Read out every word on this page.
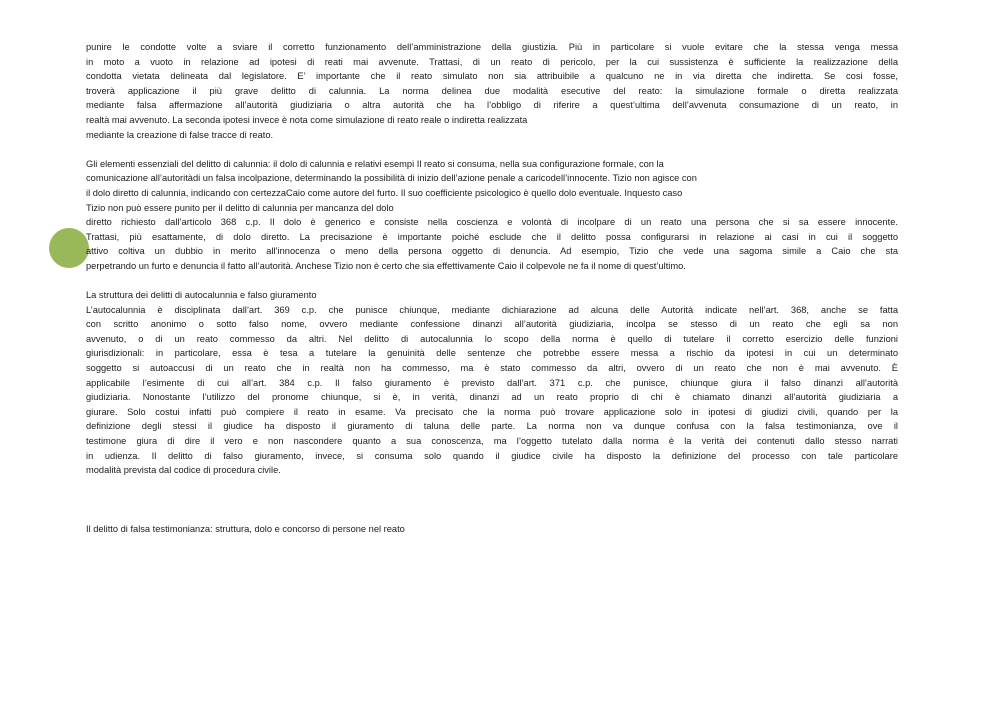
punire le condotte volte a sviare il corretto funzionamento dell’amministrazione della giustizia. Più in particolare si vuole evitare che la stessa venga messa
in moto a vuoto in relazione ad ipotesi di reati mai avvenute. Trattasi, di un reato di pericolo, per la cui sussistenza è sufficiente la realizzazione della
condotta vietata delineata dal legislatore. E’ importante che il reato simulato non sia attribuibile a qualcuno ne in via diretta che indiretta. Se cosi fosse,
troverà applicazione il più grave delitto di calunnia. La norma delinea due modalità esecutive del reato: la simulazione formale o diretta realizzata
mediante falsa affermazione all’autorità giudiziaria o altra autorità che ha l’obbligo di riferire a quest’ultima dell’avvenuta consumazione di un reato, in
realtà mai avvenuto. La seconda ipotesi invece è nota come simulazione di reato reale o indiretta realizzata
mediante la creazione di false tracce di reato.

Gli elementi essenziali del delitto di calunnia: il dolo di calunnia e relativi esempi Il reato si consuma, nella sua configurazione formale, con la
comunicazione all’autoritàdi un falsa incolpazione, determinando la possibilità di inizio dell’azione penale a caricodell’innocente. Tizio non agisce con
il dolo diretto di calunnia, indicando con certezzaCaio come autore del furto. Il suo coefficiente psicologico è quello dolo eventuale. Inquesto caso
Tizio non può essere punito per il delitto di calunnia per mancanza del dolo
diretto richiesto dall’articolo 368 c.p. Il dolo è generico e consiste nella coscienza e volontà di incolpare di un reato una persona che si sa essere innocente.
Trattasi, più esattamente, di dolo diretto. La precisazione è importante poiché esclude che il delitto possa configurarsi in relazione ai casi in cui il soggetto
attivo coltiva un dubbio in merito all’innocenza o meno della persona oggetto di denuncia. Ad esempio, Tizio che vede una sagoma simile a Caio che sta
perpetrando un furto e denuncia il fatto all’autorità. Anchese Tizio non è certo che sia effettivamente Caio il colpevole ne fa il nome di quest’ultimo.

La struttura dei delitti di autocalunnia e falso giuramento

L’autocalunnia è disciplinata dall’art. 369 c.p. che punisce chiunque, mediante dichiarazione ad alcuna delle Autorità indicate nell’art. 368, anche se fatta
con scritto anonimo o sotto falso nome, ovvero mediante confessione dinanzi all’autorità giudiziaria, incolpa se stesso di un reato che egli sa non
avvenuto, o di un reato commesso da altri. Nel delitto di autocalunnia lo scopo della norma è quello di tutelare il corretto esercizio delle funzioni
giurisdizionali: in particolare, essa è tesa a tutelare la genuinità delle sentenze che potrebbe essere messa a rischio da ipotesi in cui un determinato
soggetto si autoaccusi di un reato che in realtà non ha commesso, ma è stato commesso da altri, ovvero di un reato che non è mai avvenuto. È
applicabile l’esimente di cui all’art. 384 c.p. Il falso giuramento è previsto dall’art. 371 c.p. che punisce, chiunque giura il falso dinanzi all’autorità
giudiziaria. Nonostante l’utilizzo del pronome chiunque, si è, in verità, dinanzi ad un reato proprio di chi è chiamato dinanzi all’autorità giudiziaria a
giurare. Solo costui infatti può compiere il reato in esame. Va precisato che la norma può trovare applicazione solo in ipotesi di giudizi civili, quando per la
definizione degli stessi il giudice ha disposto il giuramento di taluna delle parte. La norma non va dunque confusa con la falsa testimonianza, ove il
testimone giura di dire il vero e non nascondere quanto a sua conoscenza, ma l’oggetto tutelato dalla norma è la verità dei contenuti dallo stesso narrati
in udienza. Il delitto di falso giuramento, invece, si consuma solo quando il giudice civile ha disposto la definizione del processo con tale particolare
modalità prevista dal codice di procedura civile.

Il delitto di falsa testimonianza: struttura, dolo e concorso di persone nel reato
